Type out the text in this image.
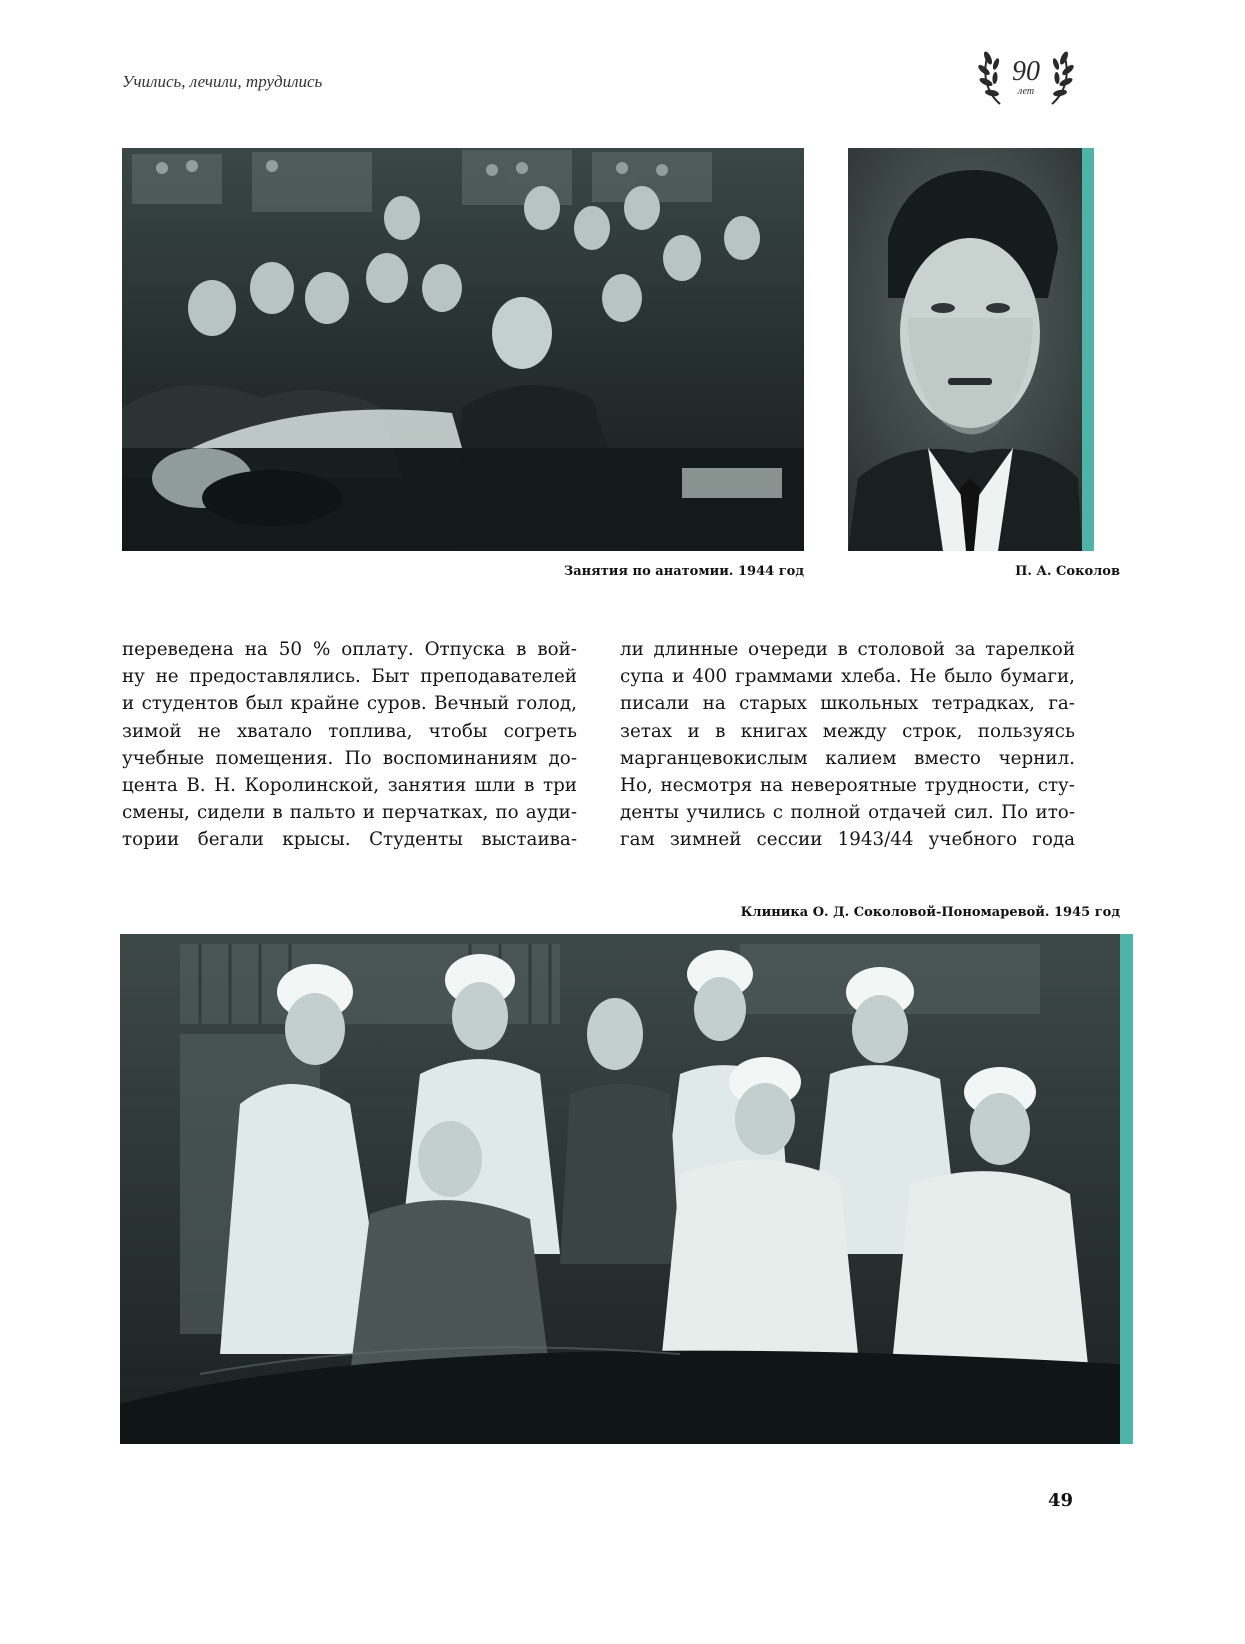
Учились, лечили, трудились	90
лет
Занятия по анатомии. 1944 год	П. А. Соколов
переведена на 50 % оплату. Отпуска в вой-
ну не предоставлялись. Быт преподавателей
и студентов был крайне суров. Вечный голод,
зимой не хватало топлива, чтобы согреть
учебные помещения. По воспоминаниям до-
цента В. Н. Королинской, занятия шли в три
смены, сидели в пальто и перчатках, по ауди-
тории бегали крысы. Студенты выстаива-
ли длинные очереди в столовой за тарелкой
супа и 400 граммами хлеба. Не было бумаги,
писали на старых школьных тетрадках, га-
зетах и в книгах между строк, пользуясь
марганцевокислым калием вместо чернил.
Но, несмотря на невероятные трудности, сту-
денты учились с полной отдачей сил. По ито-
гам зимней сессии 1943/44 учебного года
Клиника О. Д. Соколовой-Пономаревой. 1945 год
49
